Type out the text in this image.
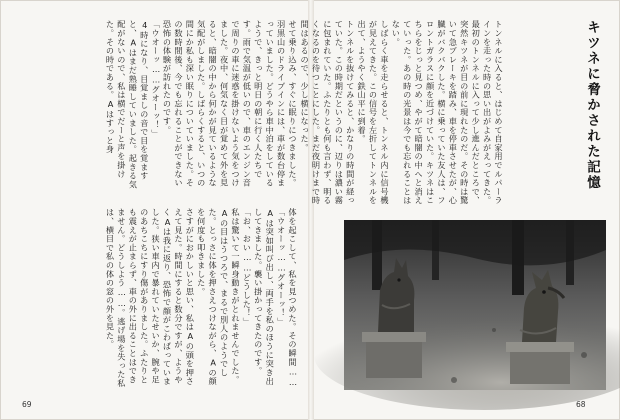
せて乗り込み、すぐに眠りにつきました。
羽黒山のドライブインには、車が数台停まっていました。どうやら車中泊をしているようで、きっと明日の朝に行く人たちです。雨で気温が低いので、車のエンジン音で周りの車に迷惑を掛けないよう気をつけました。夜中、何気なく目が覚めて外を見ると、暗闇の中から何かが見ているような気配がしました。しばらくすると、いつの間にか私も深い眠りについていました。その数時間後、今でも忘れることができない恐怖の体験が訪れたのです。
「ウオーッ……グオーッ！」
4時になり、目覚ましの音で目を覚ますと、Aはまだ熟睡していました。起きる気配がないので、私は横でだーと声を掛けた。その時である。Aはすっと身
体を起こして、私を見つめた。その瞬間……
「ウオーッ……グオーッ！」
Aは突如叫び出し、両手を私のほうに突き出してきました。襲い掛かってきたのです。
「お、おい……どうした！」
私は驚いて一瞬身動きがとれませんでした。Aの目はうつろで、まるで別人のようでした。とっさに体を押さえつけながら、Aの顔を何度も叩きました。
さすがにおかしいと思い、私はAの頭を押さえて見た。時間にすると数分ですが、ようやくAは我に返り、恐怖で顔がこわばっていました。狭い車内で暴れていたせいか、腕や足のあちこちにすり傷がありました。ふたりとも震えが止まらず、車の外に出ることはできません。どうしよう……。逃げ場を失った私は、横目で私の体の窓の外を見た。
69
キツネに脅かされた記憶
トンネルに入ると、はじめて自家用でルパーラインを走った時の思い出がよみがえってきた。最初のトンネルに入って少し進んだところで、突然キツネが目の前に現れたのだ。その時は驚いて急ブレーキを踏み、車を停車させたが、心臓がバクバクした。横に乗っていた友人は、フロントガラスに顔を近づけていた。キツネはこちらをじっと見つめ、やがて暗闇の中へと消えていった。あの時の光景は今でも忘れることはない。
しばらく車を走らせると、トンネル内に信号機が見えてきた。この信号を左折してトンネルを出て、ようやく鉄山平に到着。
トンネルを抜けてみると、かなりの時間が経っていた。この時期だというのに、辺りは濃い霧に包まれていた。ふたりとも何も言わず、明るくなるのを待つことにした。まだ夜明けまで時間はあるので、少し横になった。
68
